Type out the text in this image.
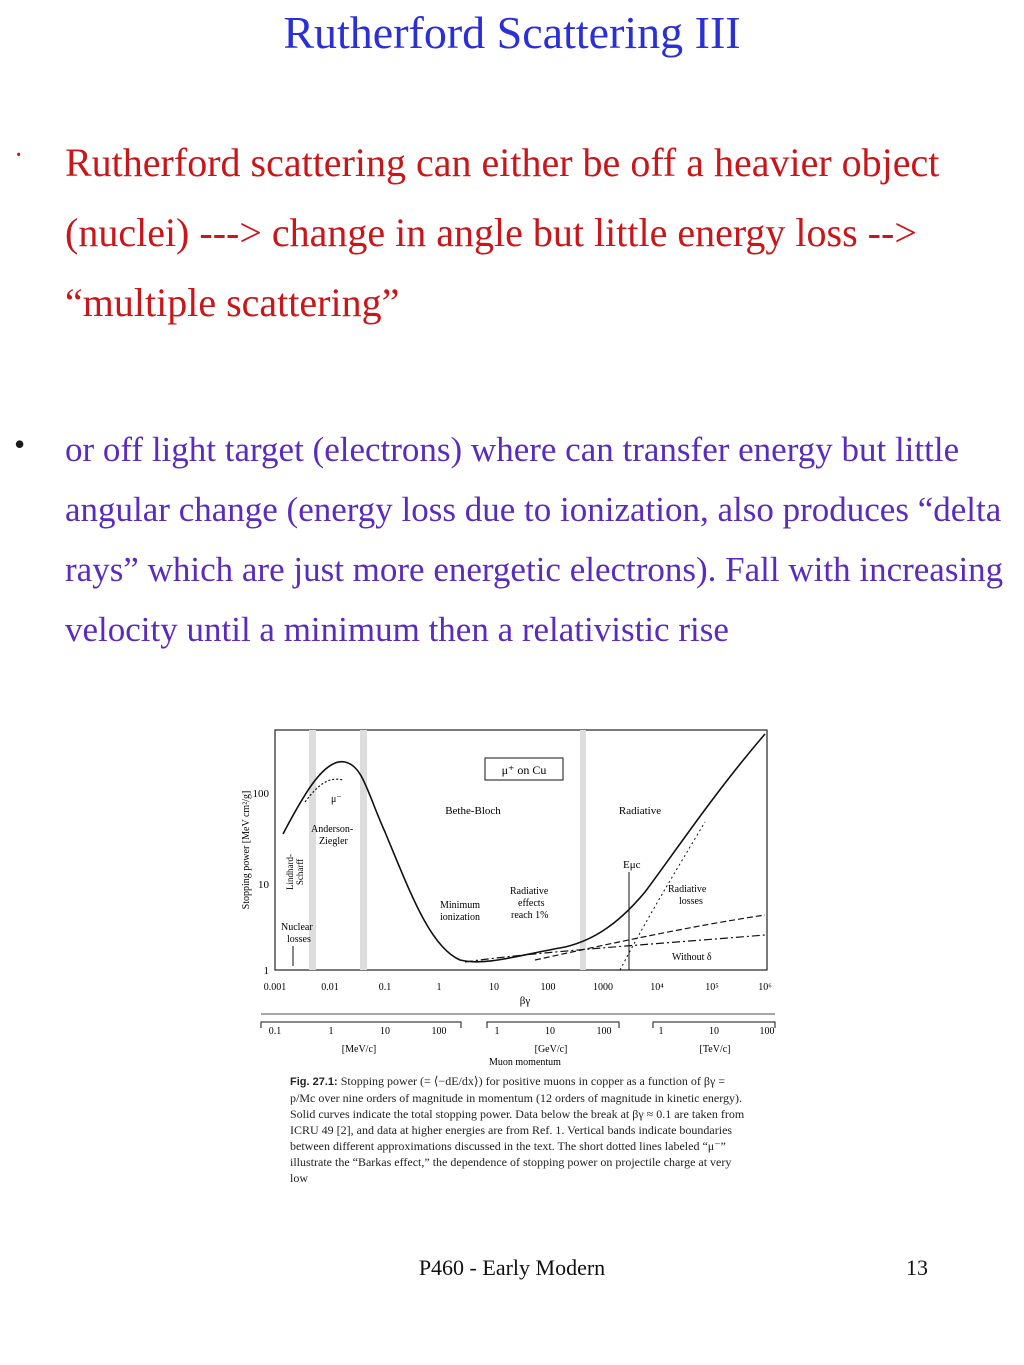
Rutherford Scattering III
· Rutherford scattering can either be off a heavier object (nuclei) ---> change in angle but little energy loss --> “multiple scattering”
• or off light target (electrons) where can transfer energy but little angular change (energy loss due to ionization, also produces “delta rays” which are just more energetic electrons). Fall with increasing velocity until a minimum then a relativistic rise
1
10
100
0.001	0.01	0.1	1	10	100	1000	10⁴	10⁵	10⁶
βγ
Stopping power [MeV cm²/g]
μ⁺ on Cu
Bethe-Bloch	Radiative
μ⁻
Anderson-
Ziegler
Lindhard- Scharff
Nuclear
losses
Minimum
ionization
Radiative
effects
reach 1%
Eμc
Radiative
losses
Without δ
0.1	1	10	100	1	10	100	1	10	100
[MeV/c]	[GeV/c]	[TeV/c]
Muon momentum
Fig. 27.1: Stopping power (= ⟨−dE/dx⟩) for positive muons in copper as a function of βγ = p/Mc over nine orders of magnitude in momentum (12 orders of magnitude in kinetic energy). Solid curves indicate the total stopping power. Data below the break at βγ ≈ 0.1 are taken from ICRU 49 [2], and data at higher energies are from Ref. 1. Vertical bands indicate boundaries between different approximations discussed in the text. The short dotted lines labeled “μ⁻” illustrate the “Barkas effect,” the dependence of stopping power on projectile charge at very low
P460 - Early Modern	13
